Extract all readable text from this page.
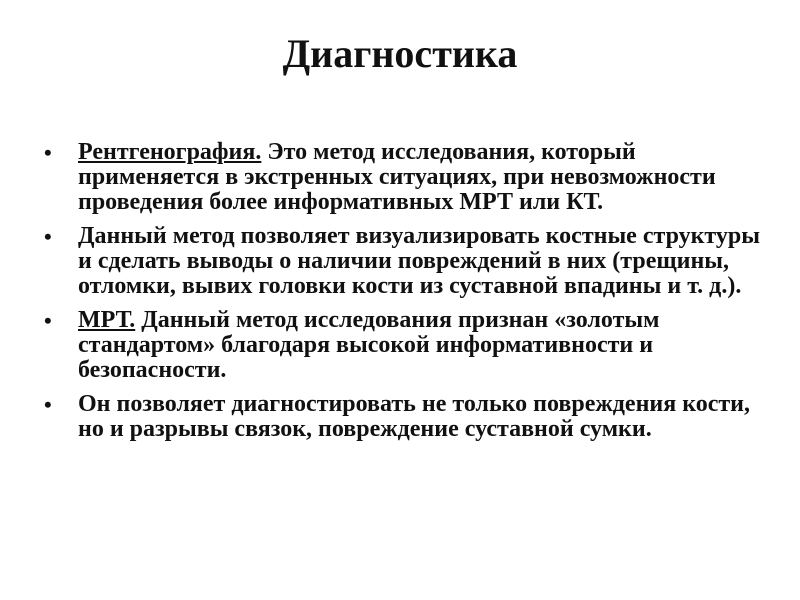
Диагностика
• Рентгенография. Это метод исследования, который применяется в экстренных ситуациях, при невозможности проведения более информативных МРТ или КТ.
• Данный метод позволяет визуализировать костные структуры и сделать выводы о наличии повреждений в них (трещины, отломки, вывих головки кости из суставной впадины и т. д.).
• МРТ. Данный метод исследования признан «золотым стандартом» благодаря высокой информативности и безопасности.
• Он позволяет диагностировать не только повреждения кости, но и разрывы связок, повреждение суставной сумки.
